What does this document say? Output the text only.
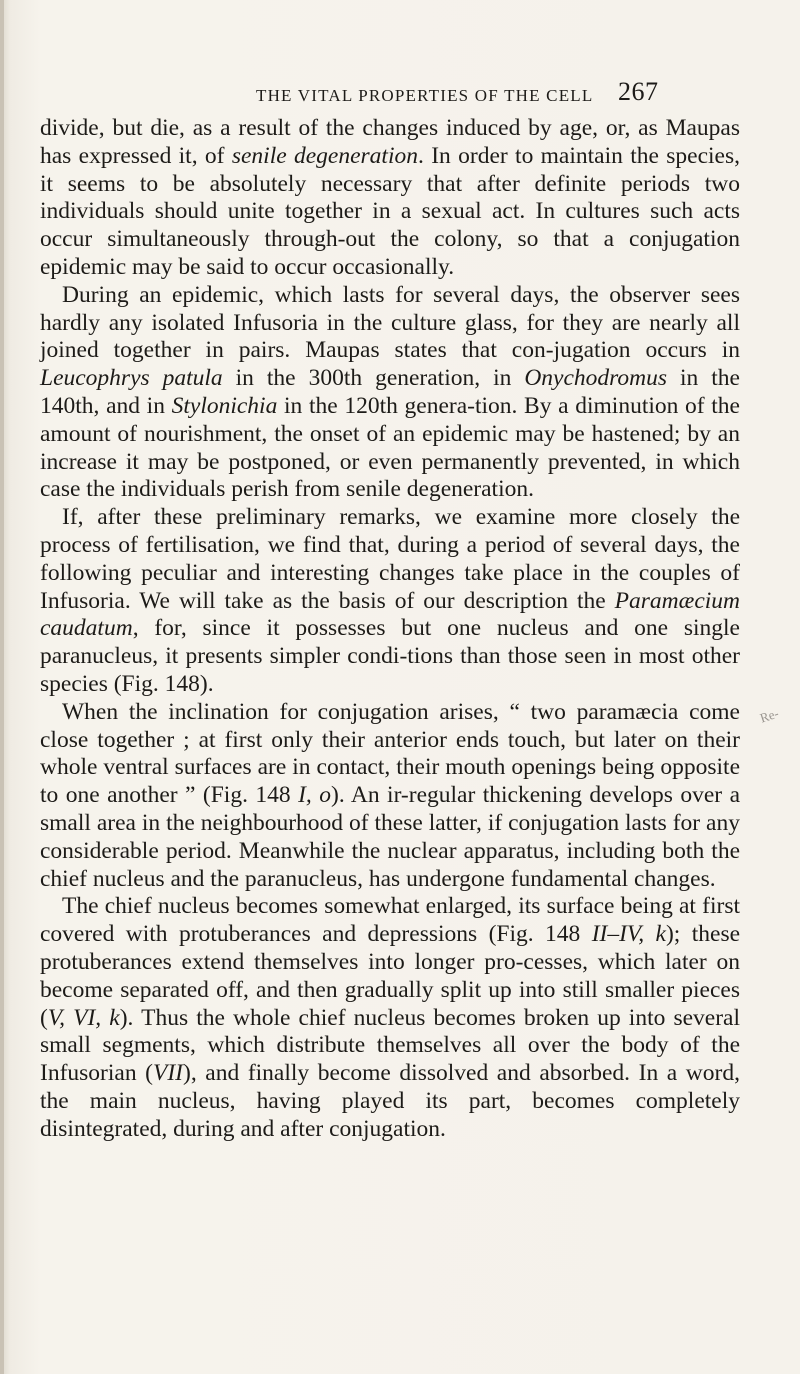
THE VITAL PROPERTIES OF THE CELL 267

divide, but die, as a result of the changes induced by age, or, as Maupas has expressed it, of senile degeneration. In order to maintain the species, it seems to be absolutely necessary that after definite periods two individuals should unite together in a sexual act. In cultures such acts occur simultaneously through-out the colony, so that a conjugation epidemic may be said to occur occasionally.

During an epidemic, which lasts for several days, the observer sees hardly any isolated Infusoria in the culture glass, for they are nearly all joined together in pairs. Maupas states that con-jugation occurs in Leucophrys patula in the 300th generation, in Onychodromus in the 140th, and in Stylonichia in the 120th genera-tion. By a diminution of the amount of nourishment, the onset of an epidemic may be hastened; by an increase it may be postponed, or even permanently prevented, in which case the individuals perish from senile degeneration.

If, after these preliminary remarks, we examine more closely the process of fertilisation, we find that, during a period of several days, the following peculiar and interesting changes take place in the couples of Infusoria. We will take as the basis of our description the Paramæcium caudatum, for, since it possesses but one nucleus and one single paranucleus, it presents simpler condi-tions than those seen in most other species (Fig. 148).

When the inclination for conjugation arises, “ two paramæcia come close together ; at first only their anterior ends touch, but later on their whole ventral surfaces are in contact, their mouth openings being opposite to one another ” (Fig. 148 I, o). An ir-regular thickening develops over a small area in the neighbourhood of these latter, if conjugation lasts for any considerable period. Meanwhile the nuclear apparatus, including both the chief nucleus and the paranucleus, has undergone fundamental changes.

The chief nucleus becomes somewhat enlarged, its surface being at first covered with protuberances and depressions (Fig. 148 II–IV, k); these protuberances extend themselves into longer pro-cesses, which later on become separated off, and then gradually split up into still smaller pieces (V, VI, k). Thus the whole chief nucleus becomes broken up into several small segments, which distribute themselves all over the body of the Infusorian (VII), and finally become dissolved and absorbed. In a word, the main nucleus, having played its part, becomes completely disintegrated, during and after conjugation.

Re-
